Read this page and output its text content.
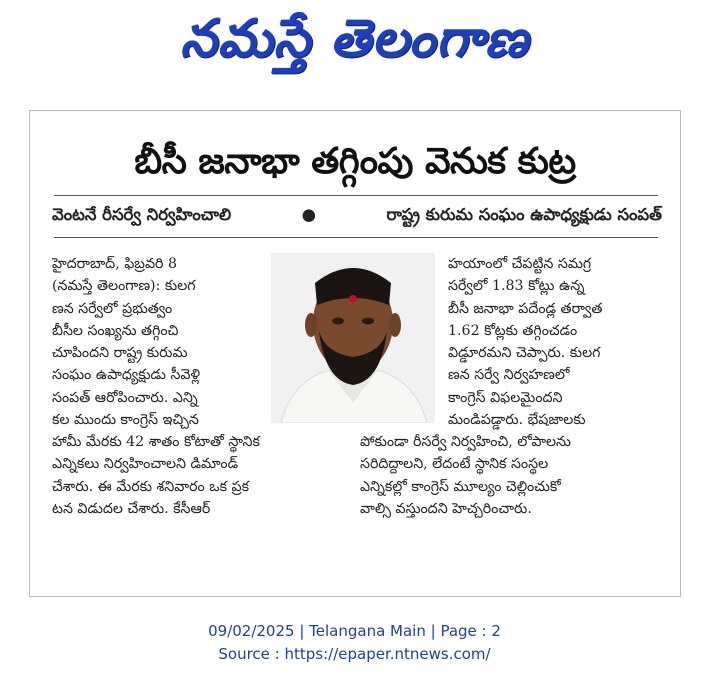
నమస్తే తెలంగాణ
బీసీ జనాభా తగ్గింపు వెనుక కుట్ర
వెంటనే రీసర్వే నిర్వహించాలి	●	రాష్ట్ర కురుమ సంఘం ఉపాధ్యక్షుడు సంపత్
హైదరాబాద్, ఫిబ్రవరి 8
(నమస్తే తెలంగాణ): కులగ
ణన సర్వేలో ప్రభుత్వం
బీసీల సంఖ్యను తగ్గించి
చూపిందని రాష్ట్ర కురుమ
సంఘం ఉపాధ్యక్షుడు సీవెళ్లి
సంపత్ ఆరోపించారు. ఎన్ని
కల ముందు కాంగ్రెస్ ఇచ్చిన
హయాంలో చేపట్టిన సమగ్ర
సర్వేలో 1.83 కోట్లు ఉన్న
బీసీ జనాభా పదేండ్ల తర్వాత
1.62 కోట్లకు తగ్గించడం
విడ్డూరమని చెప్పారు. కులగ
ణన సర్వే నిర్వహణలో
కాంగ్రెస్ విఫలమైందని
మండిపడ్డారు. భేషజాలకు
హామీ మేరకు 42 శాతం కోటాతో స్థానిక
ఎన్నికలు నిర్వహించాలని డిమాండ్
చేశారు. ఈ మేరకు శనివారం ఒక ప్రక
టన విడుదల చేశారు. కేసీఆర్
పోకుండా రీసర్వే నిర్వహించి, లోపాలను
సరిదిద్దాలని, లేదంటే స్థానిక సంస్థల
ఎన్నికల్లో కాంగ్రెస్ మూల్యం చెల్లించుకో
వాల్సి వస్తుందని హెచ్చరించారు.
09/02/2025 | Telangana Main | Page : 2
Source : https://epaper.ntnews.com/
